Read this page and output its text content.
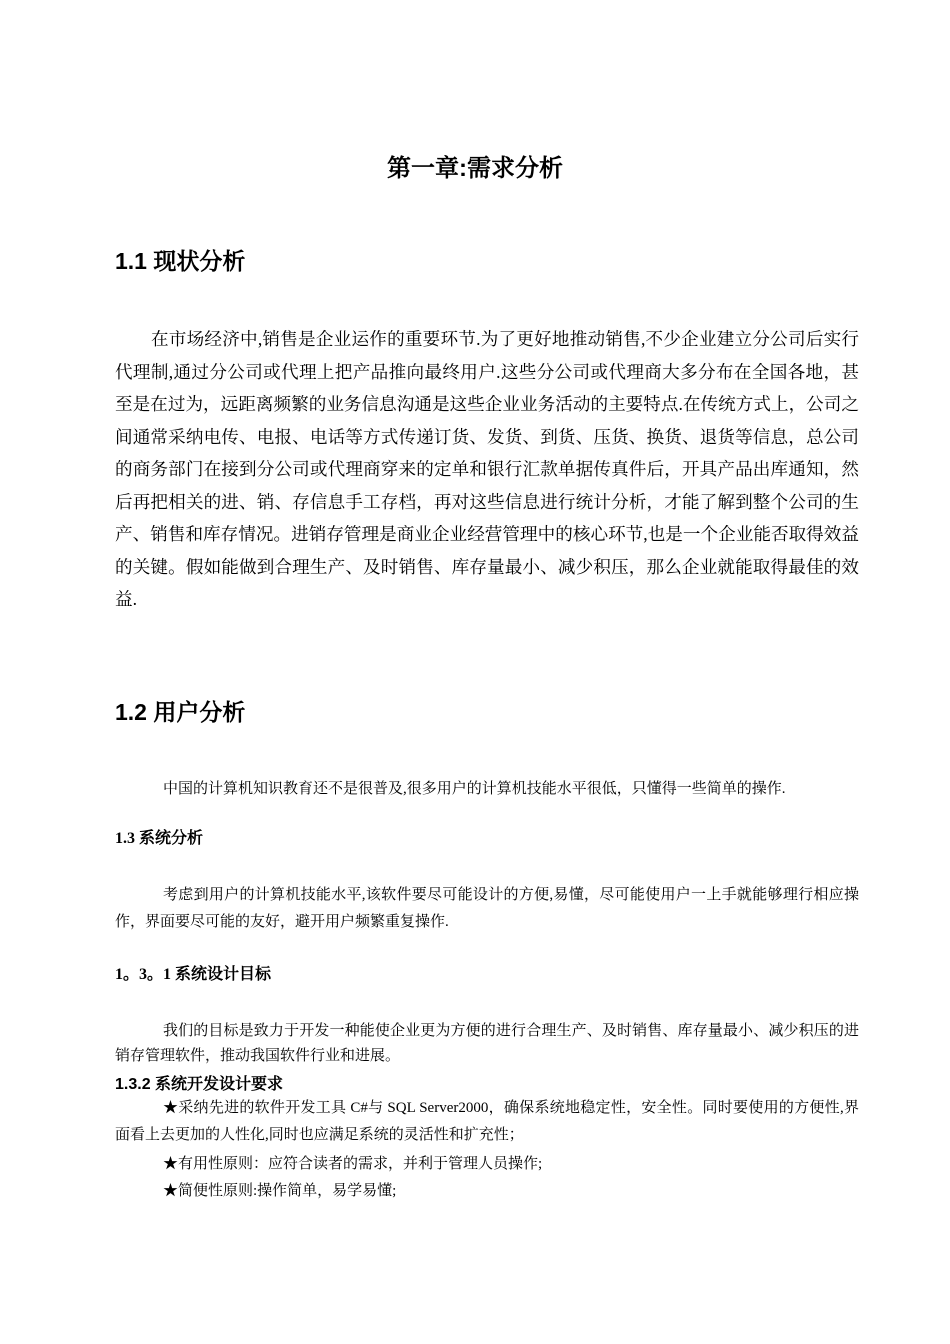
第一章:需求分析
1.1 现状分析

在市场经济中,销售是企业运作的重要环节.为了更好地推动销售,不少企业建立分公司后实行代理制,通过分公司或代理上把产品推向最终用户.这些分公司或代理商大多分布在全国各地，甚至是在过为，远距离频繁的业务信息沟通是这些企业业务活动的主要特点.在传统方式上，公司之间通常采纳电传、电报、电话等方式传递订货、发货、到货、压货、换货、退货等信息，总公司的商务部门在接到分公司或代理商穿来的定单和银行汇款单据传真件后，开具产品出库通知，然后再把相关的进、销、存信息手工存档，再对这些信息进行统计分析，才能了解到整个公司的生产、销售和库存情况。进销存管理是商业企业经营管理中的核心环节,也是一个企业能否取得效益的关键。假如能做到合理生产、及时销售、库存量最小、减少积压，那么企业就能取得最佳的效益.

1.2 用户分析

中国的计算机知识教育还不是很普及,很多用户的计算机技能水平很低，只懂得一些简单的操作.

1.3 系统分析

考虑到用户的计算机技能水平,该软件要尽可能设计的方便,易懂，尽可能使用户一上手就能够理行相应操作，界面要尽可能的友好，避开用户频繁重复操作.

1。3。1 系统设计目标

我们的目标是致力于开发一种能使企业更为方便的进行合理生产、及时销售、库存量最小、减少积压的进销存管理软件，推动我国软件行业和进展。

1.3.2 系统开发设计要求

★采纳先进的软件开发工具 C#与 SQL Server2000，确保系统地稳定性，安全性。同时要使用的方便性,界面看上去更加的人性化,同时也应满足系统的灵活性和扩充性；

★有用性原则：应符合读者的需求，并利于管理人员操作;

★简便性原则:操作简单，易学易懂;
